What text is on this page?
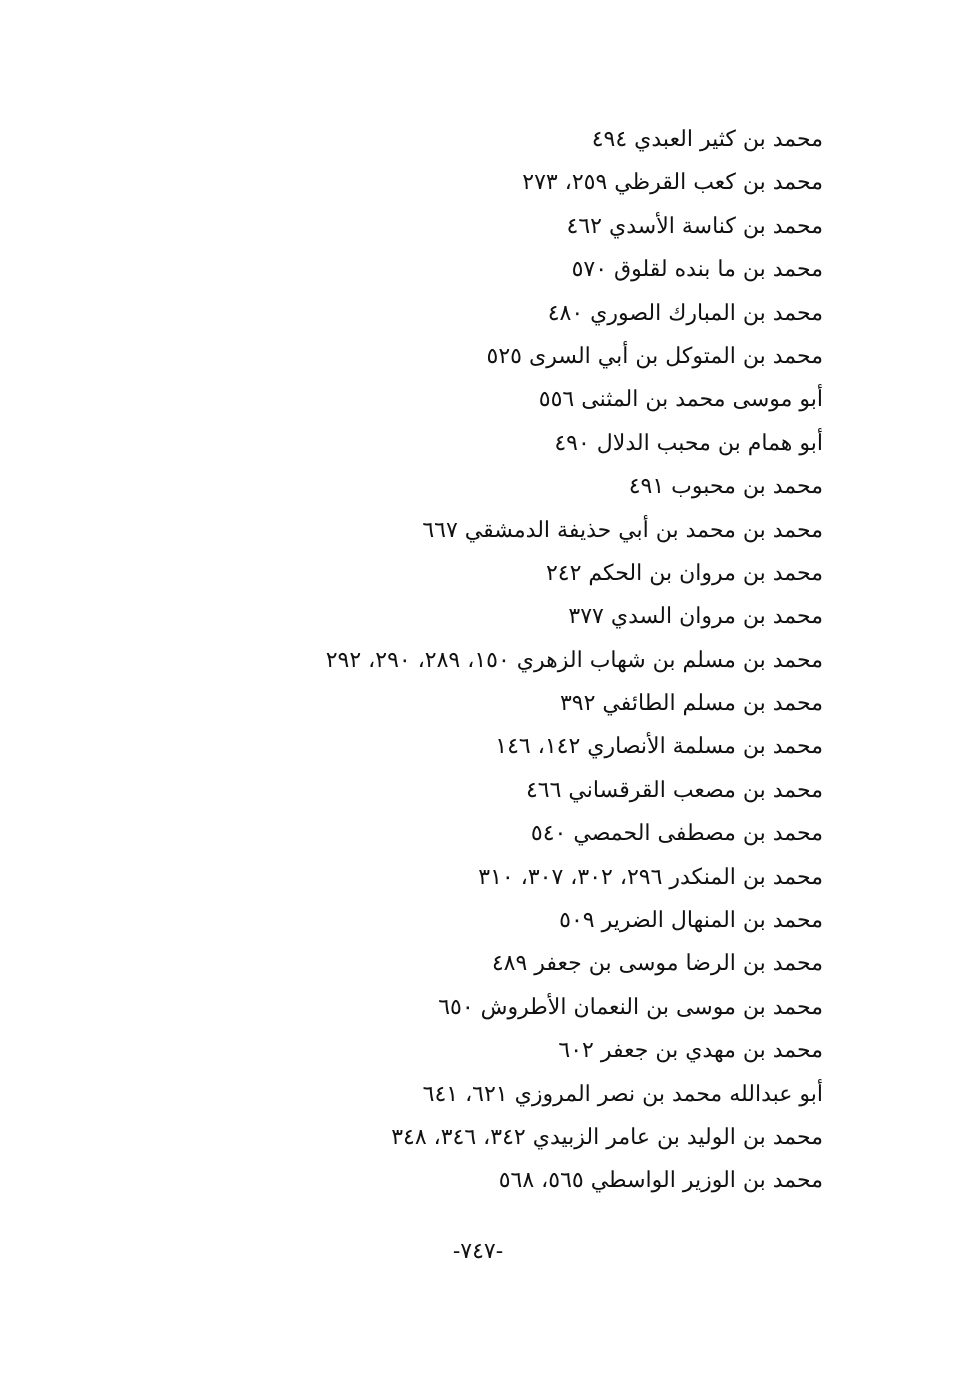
محمد بن كثير العبدي ٤٩٤
محمد بن كعب القرظي ٢٥٩، ٢٧٣
محمد بن كناسة الأسدي ٤٦٢
محمد بن ما بنده لقلوق ٥٧٠
محمد بن المبارك الصوري ٤٨٠
محمد بن المتوكل بن أبي السرى ٥٢٥
أبو موسى محمد بن المثنى ٥٥٦
أبو همام بن محبب الدلال ٤٩٠
محمد بن محبوب ٤٩١
محمد بن محمد بن أبي حذيفة الدمشقي ٦٦٧
محمد بن مروان بن الحكم ٢٤٢
محمد بن مروان السدي ٣٧٧
محمد بن مسلم بن شهاب الزهري ١٥٠، ٢٨٩، ٢٩٠، ٢٩٢
محمد بن مسلم الطائفي ٣٩٢
محمد بن مسلمة الأنصاري ١٤٢، ١٤٦
محمد بن مصعب القرقساني ٤٦٦
محمد بن مصطفى الحمصي ٥٤٠
محمد بن المنكدر ٢٩٦، ٣٠٢، ٣٠٧، ٣١٠
محمد بن المنهال الضرير ٥٠٩
محمد بن الرضا موسى بن جعفر ٤٨٩
محمد بن موسى بن النعمان الأطروش ٦٥٠
محمد بن مهدي بن جعفر ٦٠٢
أبو عبدالله محمد بن نصر المروزي ٦٢١، ٦٤١
محمد بن الوليد بن عامر الزبيدي ٣٤٢، ٣٤٦، ٣٤٨
محمد بن الوزير الواسطي ٥٦٥، ٥٦٨
-٧٤٧-
